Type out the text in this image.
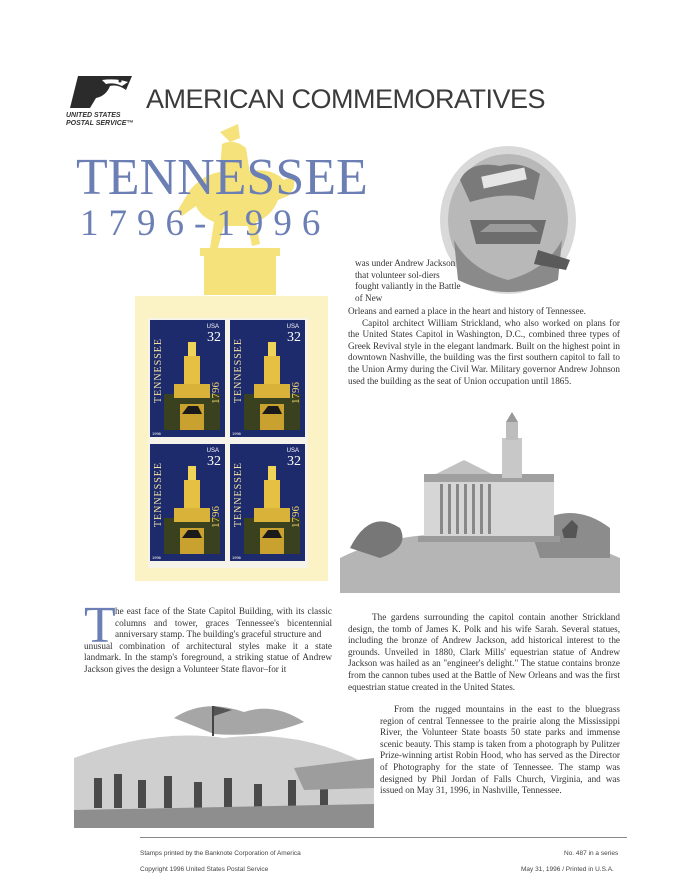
UNITED STATES
POSTAL SERVICE™
AMERICAN COMMEMORATIVES
TENNESSEE
1796-1996
TENNESSEE
USA
32
1796
1996
TENNESSEE
USA
32
1796
1996
TENNESSEE
USA
32
1796
1996
TENNESSEE
USA
32
1796
1996
was under Andrew Jackson that volunteer sol-diers fought valiantly in the Battle of New

Orleans and earned a place in the heart and history of Tennessee.

Capitol architect William Strickland, who also worked on plans for the United States Capitol in Washington, D.C., combined three types of Greek Revival style in the elegant landmark. Built on the highest point in downtown Nashville, the building was the first southern capitol to fall to the Union Army during the Civil War. Military governor Andrew Johnson used the building as the seat of Union occupation until 1865.

T he east face of the State Capitol Building, with its classic columns and tower, graces Tennessee's bicentennial anniversary stamp. The building's graceful structure and
unusual combination of architectural styles make it a state landmark. In the stamp's foreground, a striking statue of Andrew Jackson gives the design a Volunteer State flavor–for it

The gardens surrounding the capitol contain another Strickland design, the tomb of James K. Polk and his wife Sarah. Several statues, including the bronze of Andrew Jackson, add historical interest to the grounds. Unveiled in 1880, Clark Mills' equestrian statue of Andrew Jackson was hailed as an "engineer's delight." The statue contains bronze from the cannon tubes used at the Battle of New Orleans and was the first equestrian statue created in the United States.

From the rugged mountains in the east to the bluegrass region of central Tennessee to the prairie along the Mississippi River, the Volunteer State boasts 50 state parks and immense scenic beauty. This stamp is taken from a photograph by Pulitzer Prize-winning artist Robin Hood, who has served as the Director of Photography for the state of Tennessee. The stamp was designed by Phil Jordan of Falls Church, Virginia, and was issued on May 31, 1996, in Nashville, Tennessee.

Stamps printed by the Banknote Corporation of America
Copyright 1996 United States Postal Service
No. 487 in a series
May 31, 1996 / Printed in U.S.A.
